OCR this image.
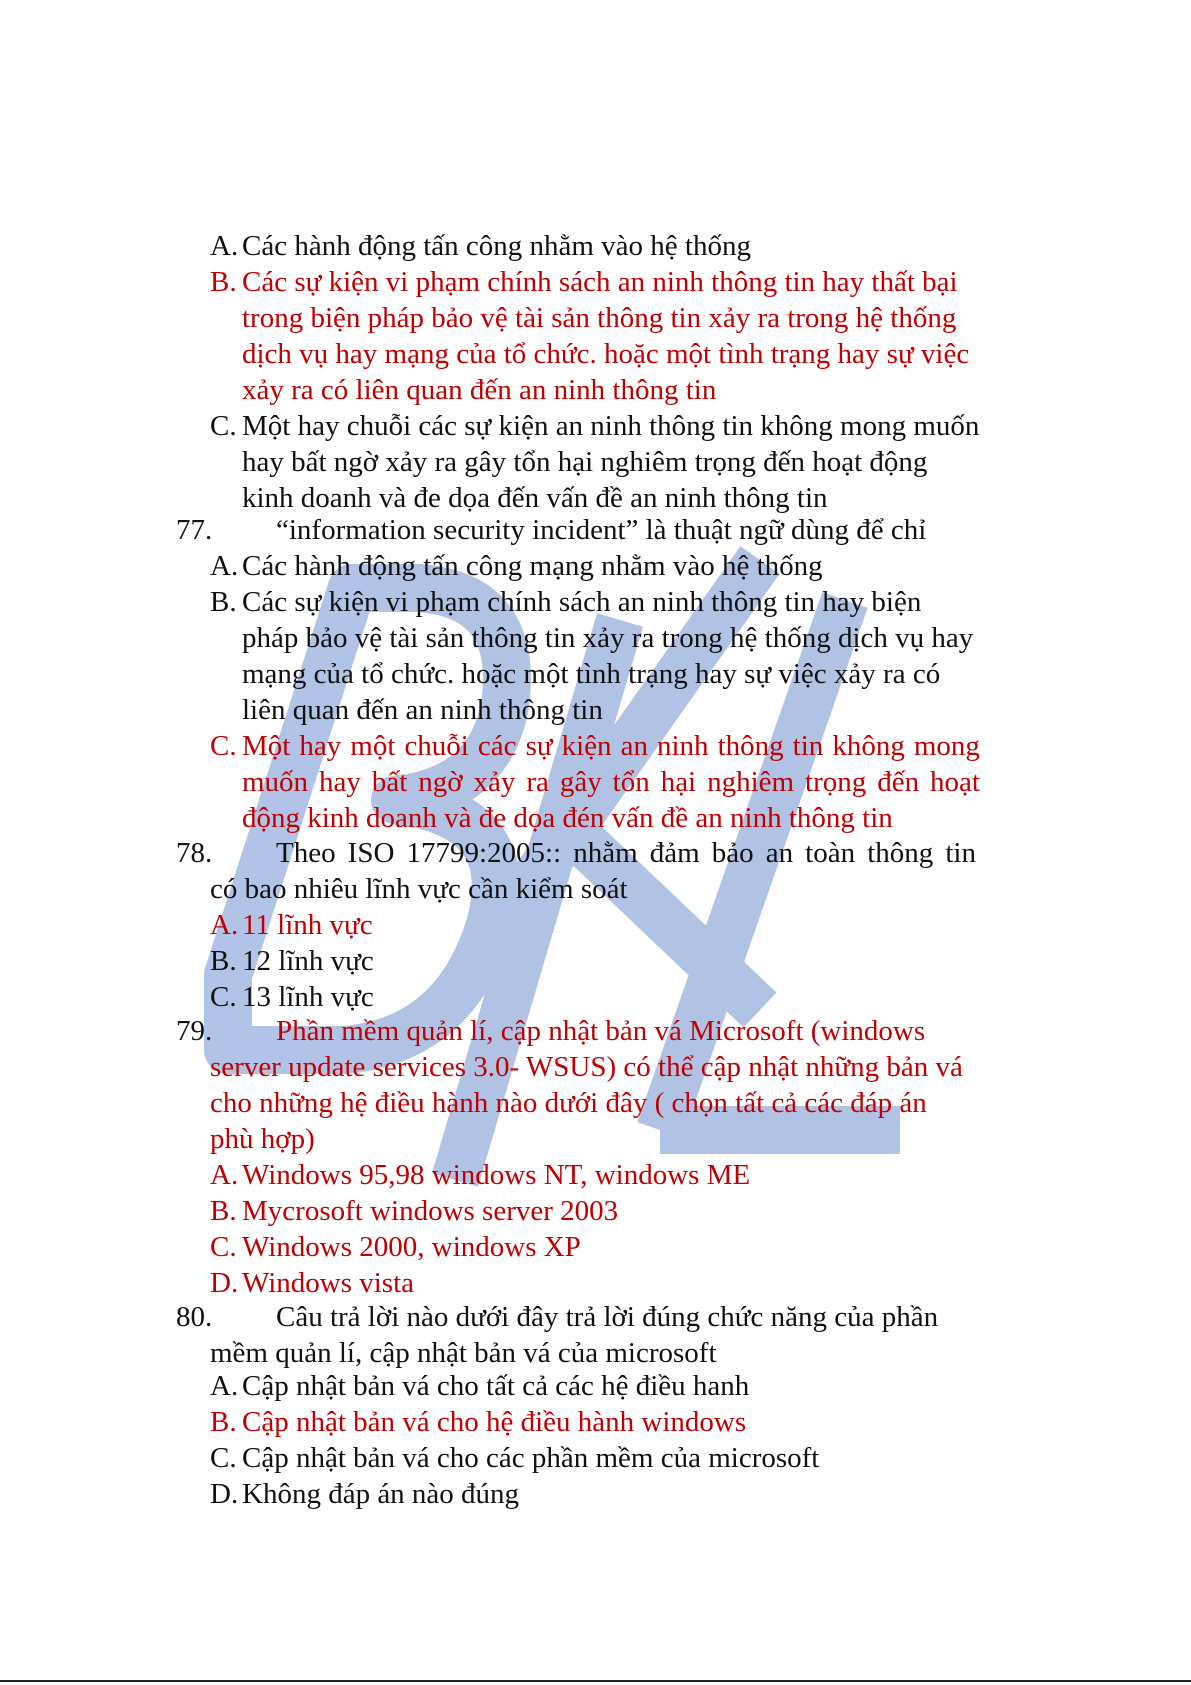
A. Các hành động tấn công nhằm vào hệ thống
B. Các sự kiện vi phạm chính sách an ninh thông tin hay thất bại
trong biện pháp bảo vệ tài sản thông tin xảy ra trong hệ thống
dịch vụ hay mạng của tổ chức. hoặc một tình trạng hay sự việc
xảy ra có liên quan đến an ninh thông tin
C. Một hay chuỗi các sự kiện an ninh thông tin không mong muốn
hay bất ngờ xảy ra gây tổn hại nghiêm trọng đến hoạt động
kinh doanh và đe dọa đến vấn đề an ninh thông tin
77. “information security incident” là thuật ngữ dùng để chỉ
A. Các hành động tấn công mạng nhằm vào hệ thống
B. Các sự kiện vi phạm chính sách an ninh thông tin hay biện
pháp bảo vệ tài sản thông tin xảy ra trong hệ thống dịch vụ hay
mạng của tổ chức. hoặc một tình trạng hay sự việc xảy ra có
liên quan đến an ninh thông tin
C. Một hay một chuỗi các sự kiện an ninh thông tin không mong
muốn hay bất ngờ xảy ra gây tổn hại nghiêm trọng đến hoạt
động kinh doanh và đe dọa đén vấn đề an ninh thông tin
78. Theo ISO 17799:2005:: nhằm đảm bảo an toàn thông tin
có bao nhiêu lĩnh vực cần kiểm soát
A. 11 lĩnh vực
B. 12 lĩnh vực
C. 13 lĩnh vực
79. Phần mềm quản lí, cập nhật bản vá Microsoft (windows
server update services 3.0- WSUS) có thể cập nhật những bản vá
cho những hệ điều hành nào dưới đây ( chọn tất cả các đáp án
phù hợp)
A. Windows 95,98 windows NT, windows ME
B. Mycrosoft windows server 2003
C. Windows 2000, windows XP
D. Windows vista
80. Câu trả lời nào dưới đây trả lời đúng chức năng của phần
mềm quản lí, cập nhật bản vá của microsoft
A. Cập nhật bản vá cho tất cả các hệ điều hanh
B. Cập nhật bản vá cho hệ điều hành windows
C. Cập nhật bản vá cho các phần mềm của microsoft
D. Không đáp án nào đúng
